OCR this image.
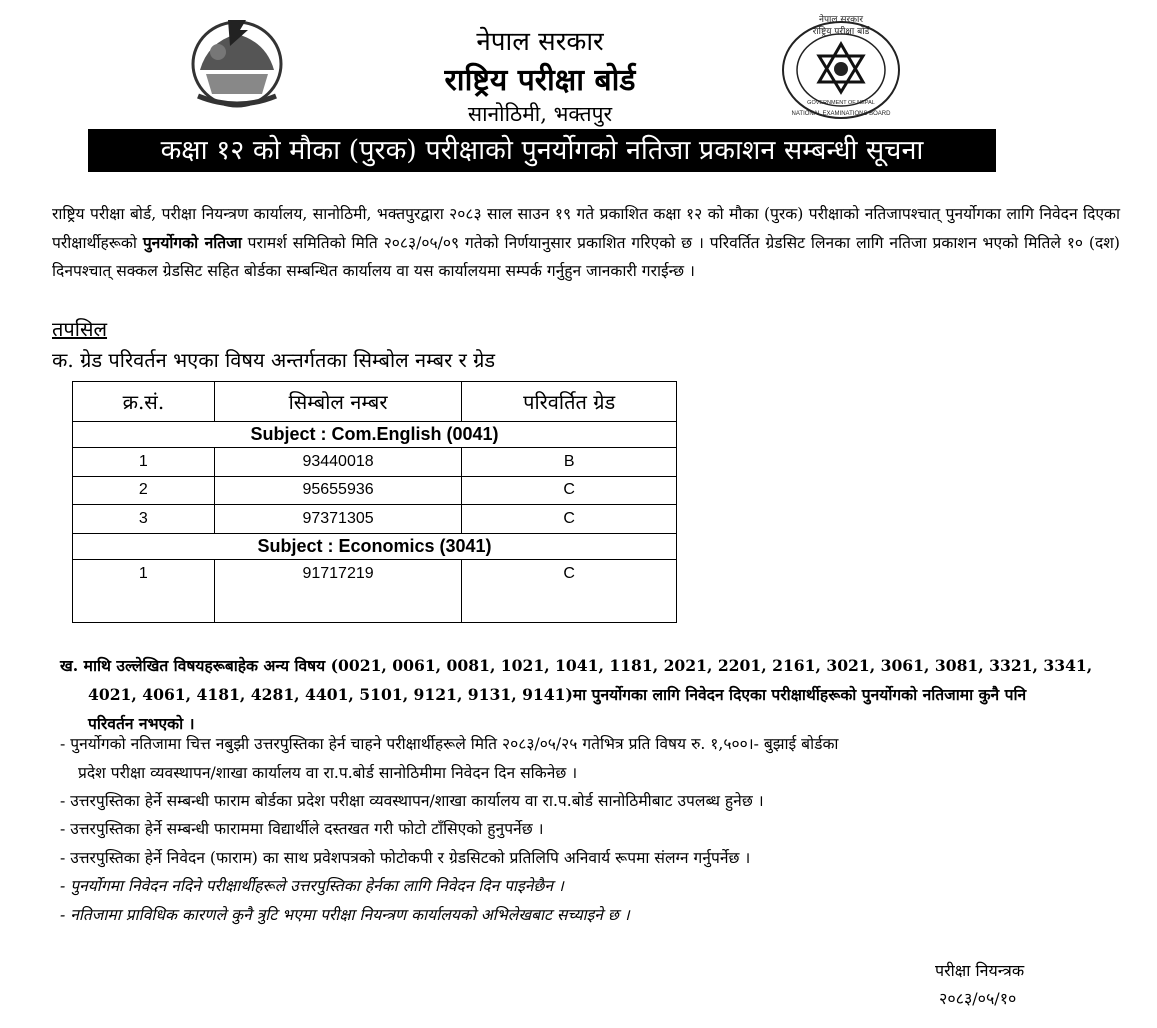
नेपाल सरकार
राष्ट्रिय परीक्षा बोर्ड
सानोठिमी, भक्तपुर
नेपाल सरकार
राष्ट्रिय परीक्षा बोर्ड
GOVERNMENT OF NEPAL
NATIONAL EXAMINATIONS BOARD
कक्षा १२ को मौका (पुरक) परीक्षाको पुनर्योगको नतिजा प्रकाशन सम्बन्धी सूचना
राष्ट्रिय परीक्षा बोर्ड, परीक्षा नियन्त्रण कार्यालय, सानोठिमी, भक्तपुरद्वारा २०८३ साल साउन १९ गते प्रकाशित कक्षा १२ को मौका (पुरक) परीक्षाको नतिजापश्चात् पुनर्योगका लागि निवेदन दिएका परीक्षार्थीहरूको पुनर्योगको नतिजा परामर्श समितिको मिति २०८३/०५/०९ गतेको निर्णयानुसार प्रकाशित गरिएको छ । परिवर्तित ग्रेडसिट लिनका लागि नतिजा प्रकाशन भएको मितिले १० (दश) दिनपश्चात् सक्कल ग्रेडसिट सहित बोर्डका सम्बन्धित कार्यालय वा यस कार्यालयमा सम्पर्क गर्नुहुन जानकारी गराईन्छ ।
तपसिल
क. ग्रेड परिवर्तन भएका विषय अन्तर्गतका सिम्बोल नम्बर र ग्रेड
क्र.सं.	सिम्बोल नम्बर	परिवर्तित ग्रेड
Subject : Com.English (0041)		
1	93440018	B
2	95655936	C
3	97371305	C
Subject : Economics (3041)		
1	91717219	C
ख. माथि उल्लेखित विषयहरूबाहेक अन्य विषय (0021, 0061, 0081, 1021, 1041, 1181, 2021, 2201, 2161, 3021, 3061, 3081, 3321, 3341,
4021, 4061, 4181, 4281, 4401, 5101, 9121, 9131, 9141)मा पुनर्योगका लागि निवेदन दिएका परीक्षार्थीहरूको पुनर्योगको नतिजामा कुनै पनि
परिवर्तन नभएको ।
- पुनर्योगको नतिजामा चित्त नबुझी उत्तरपुस्तिका हेर्न चाहने परीक्षार्थीहरूले मिति २०८३/०५/२५ गतेभित्र प्रति विषय रु. १,५००।- बुझाई बोर्डका
प्रदेश परीक्षा व्यवस्थापन/शाखा कार्यालय वा रा.प.बोर्ड सानोठिमीमा निवेदन दिन सकिनेछ ।
- उत्तरपुस्तिका हेर्ने सम्बन्धी फाराम बोर्डका प्रदेश परीक्षा व्यवस्थापन/शाखा कार्यालय वा रा.प.बोर्ड सानोठिमीबाट उपलब्ध हुनेछ ।
- उत्तरपुस्तिका हेर्ने सम्बन्धी फाराममा विद्यार्थीले दस्तखत गरी फोटो टाँसिएको हुनुपर्नेछ ।
- उत्तरपुस्तिका हेर्ने निवेदन (फाराम) का साथ प्रवेशपत्रको फोटोकपी र ग्रेडसिटको प्रतिलिपि अनिवार्य रूपमा संलग्न गर्नुपर्नेछ ।
- पुनर्योगमा निवेदन नदिने परीक्षार्थीहरूले उत्तरपुस्तिका हेर्नका लागि निवेदन दिन पाइनेछैन ।
- नतिजामा प्राविधिक कारणले कुनै त्रुटि भएमा परीक्षा नियन्त्रण कार्यालयको अभिलेखबाट सच्याइने छ ।
परीक्षा नियन्त्रक
२०८३/०५/१०
